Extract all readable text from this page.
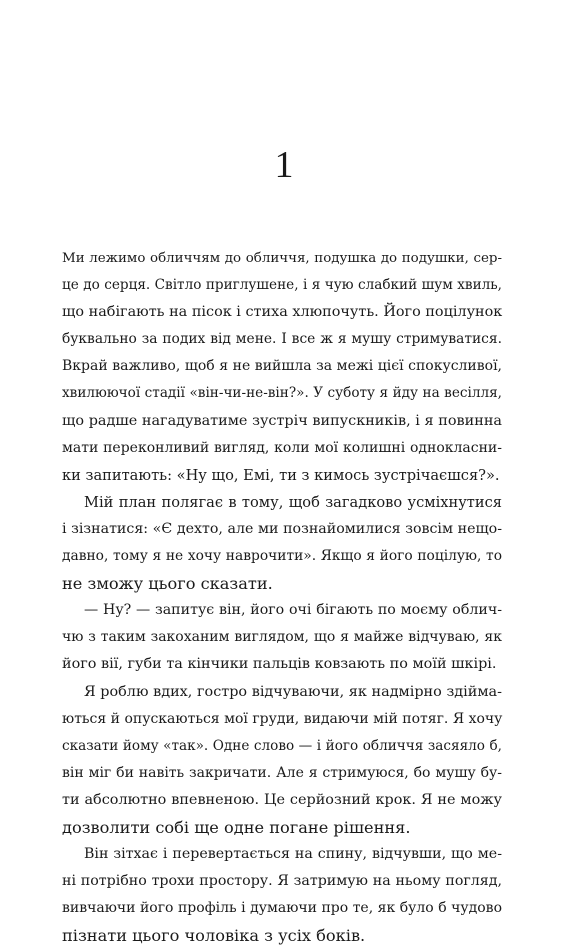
1
Ми лежимо обличчям до обличчя, подушка до подушки, сер-
це до серця. Світло приглушене, і я чую слабкий шум хвиль,
що набігають на пісок і стиха хлюпочуть. Його поцілунок
буквально за подих від мене. І все ж я мушу стримуватися.
Вкрай важливо, щоб я не вийшла за межі цієї спокусливої,
хвилюючої стадії «він-чи-не-він?». У суботу я йду на весілля,
що радше нагадуватиме зустріч випускників, і я повинна
мати переконливий вигляд, коли мої колишні однокласни-
ки запитають: «Ну що, Емі, ти з кимось зустрічаєшся?».
Мій план полягає в тому, щоб загадково усміхнутися
і зізнатися: «Є дехто, але ми познайомилися зовсім нещо-
давно, тому я не хочу наврочити». Якщо я його поцілую, то
не зможу цього сказати.
— Ну? — запитує він, його очі бігають по моєму облич-
чю з таким закоханим виглядом, що я майже відчуваю, як
його вії, губи та кінчики пальців ковзають по моїй шкірі.
Я роблю вдих, гостро відчуваючи, як надмірно здійма-
ються й опускаються мої груди, видаючи мій потяг. Я хочу
сказати йому «так». Одне слово — і його обличчя засяяло б,
він міг би навіть закричати. Але я стримуюся, бо мушу бу-
ти абсолютно впевненою. Це серйозний крок. Я не можу
дозволити собі ще одне погане рішення.
Він зітхає і перевертається на спину, відчувши, що ме-
ні потрібно трохи простору. Я затримую на ньому погляд,
вивчаючи його профіль і думаючи про те, як було б чудово
пізнати цього чоловіка з усіх боків.
